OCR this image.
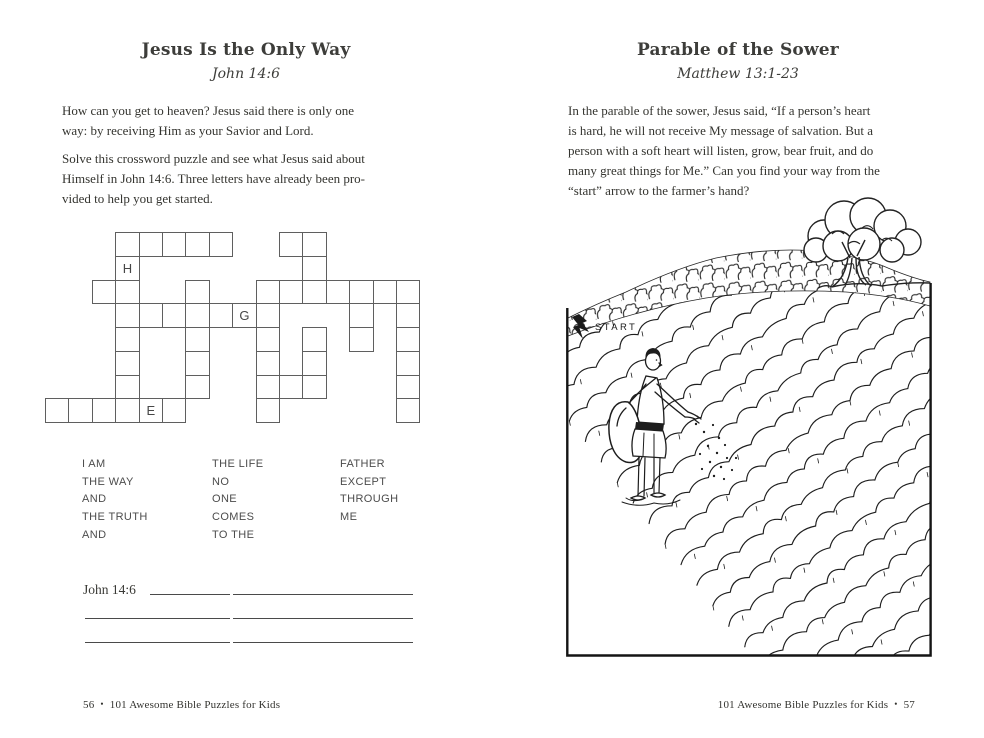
Jesus Is the Only Way
John 14:6
How can you get to heaven? Jesus said there is only one
way: by receiving Him as your Savior and Lord.
Solve this crossword puzzle and see what Jesus said about
Himself in John 14:6. Three letters have already been pro-
vided to help you get started.
H
G
E
I AM
THE WAY
AND
THE TRUTH
AND
THE LIFE
NO
ONE
COMES
TO THE
FATHER
EXCEPT
THROUGH
ME
John 14:6
56 • 101 Awesome Bible Puzzles for Kids
Parable of the Sower
Matthew 13:1-23
In the parable of the sower, Jesus said, “If a person’s heart
is hard, he will not receive My message of salvation. But a
person with a soft heart will listen, grow, bear fruit, and do
many great things for Me.” Can you find your way from the
“start” arrow to the farmer’s hand?
START
101 Awesome Bible Puzzles for Kids • 57
